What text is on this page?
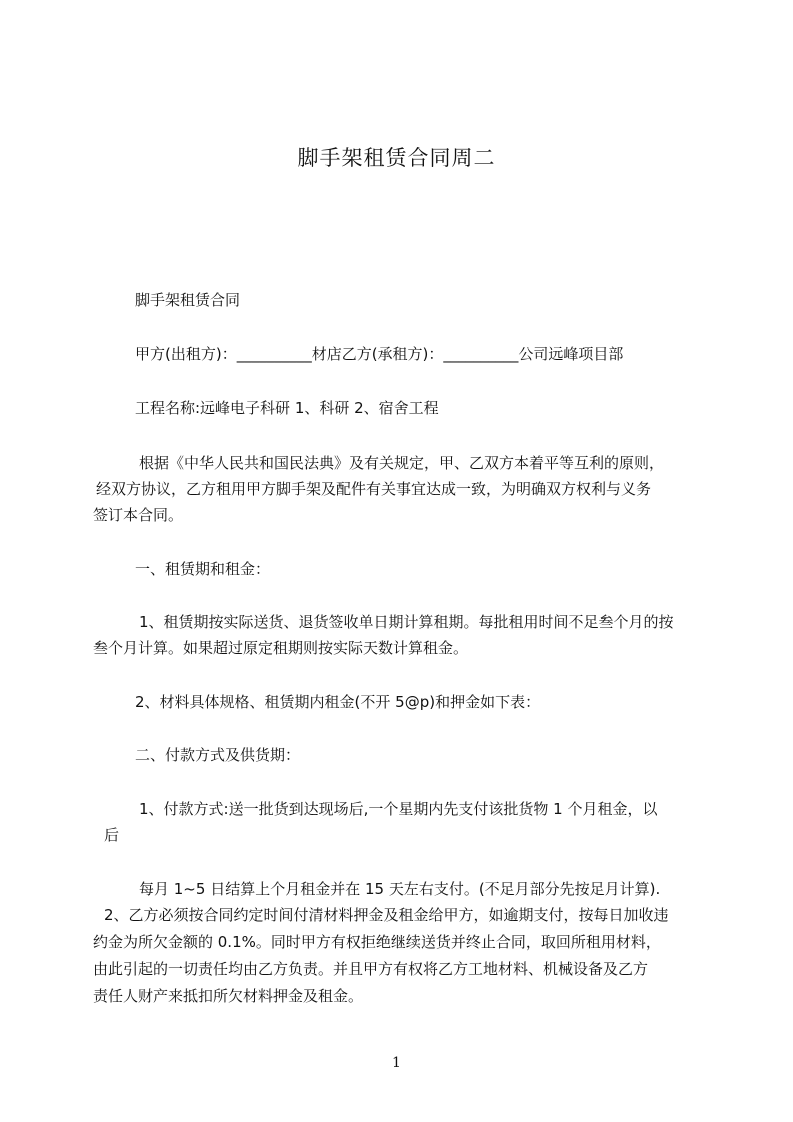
脚手架租赁合同周二
脚手架租赁合同
甲方(出租方)：__________材店乙方(承租方)：__________公司远峰项目部
工程名称:远峰电子科研 1、科研 2、宿舍工程
根据《中华人民共和国民法典》及有关规定，甲、乙双方本着平等互利的原则，
经双方协议，乙方租用甲方脚手架及配件有关事宜达成一致，为明确双方权利与义务
签订本合同。
一、租赁期和租金：
1、租赁期按实际送货、退货签收单日期计算租期。每批租用时间不足叁个月的按
叁个月计算。如果超过原定租期则按实际天数计算租金。
2、材料具体规格、租赁期内租金(不开 5@p)和押金如下表：
二、付款方式及供货期：
1、付款方式:送一批货到达现场后,一个星期内先支付该批货物 1 个月租金，以
后
每月 1~5 日结算上个月租金并在 15 天左右支付。(不足月部分先按足月计算).
2、乙方必须按合同约定时间付清材料押金及租金给甲方，如逾期支付，按每日加收违
约金为所欠金额的 0.1%。同时甲方有权拒绝继续送货并终止合同，取回所租用材料，
由此引起的一切责任均由乙方负责。并且甲方有权将乙方工地材料、机械设备及乙方
责任人财产来抵扣所欠材料押金及租金。
1
